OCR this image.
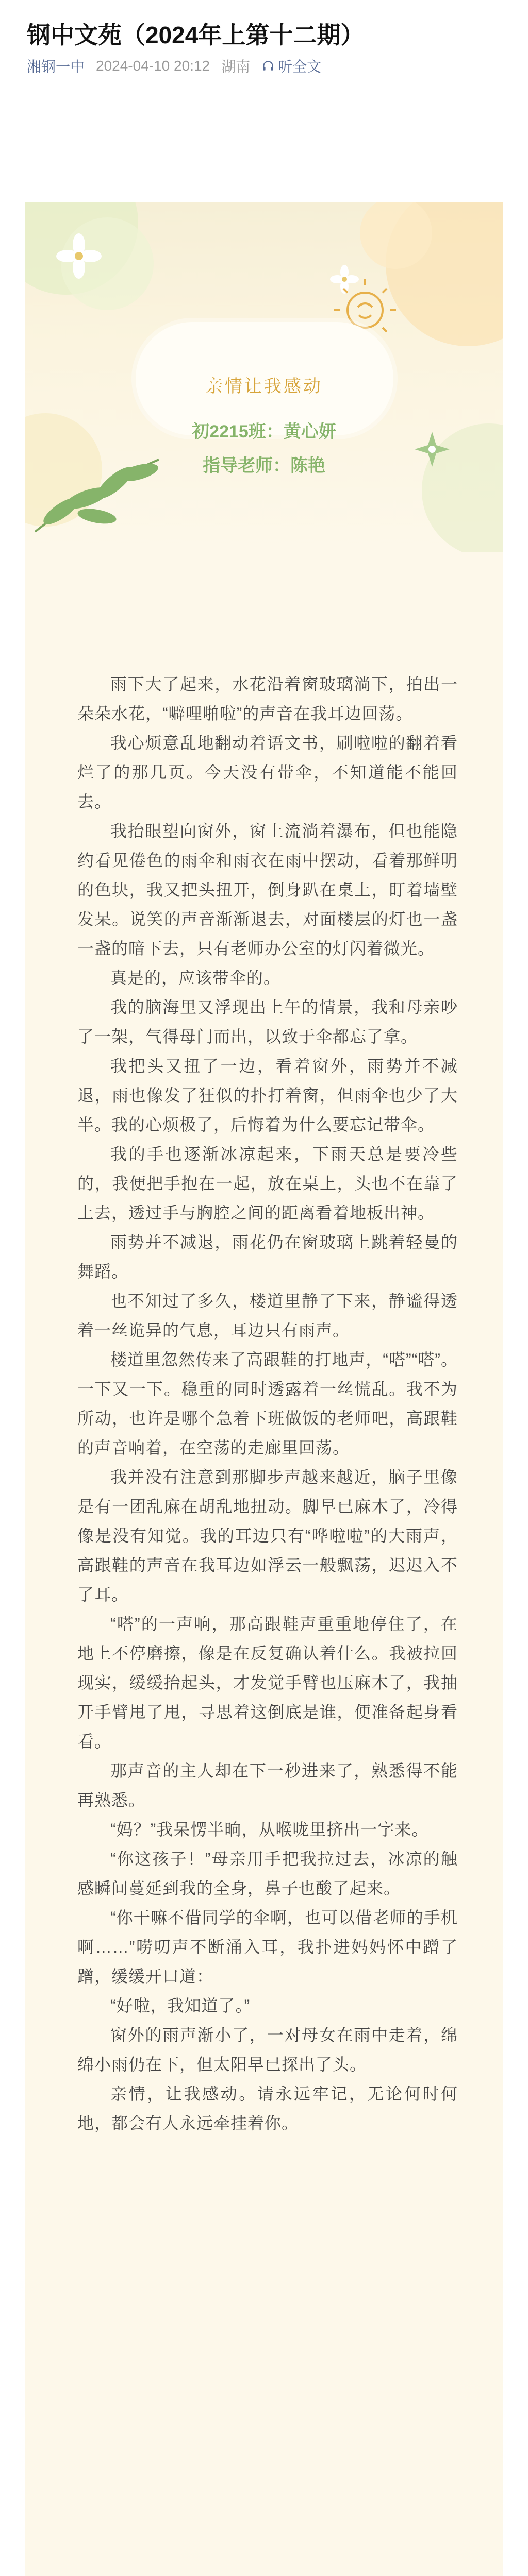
钢中文苑（2024年上第十二期）
湘钢一中 2024-04-10 20:12 湖南 听全文
亲情让我感动
初2215班：黄心妍
指导老师：陈艳

雨下大了起来，水花沿着窗玻璃淌下，拍出一朵朵水花，“噼哩啪啦”的声音在我耳边回荡。

我心烦意乱地翻动着语文书，刷啦啦的翻着看烂了的那几页。今天没有带伞，不知道能不能回去。

我抬眼望向窗外，窗上流淌着瀑布，但也能隐约看见倦色的雨伞和雨衣在雨中摆动，看着那鲜明的色块，我又把头扭开，倒身趴在桌上，盯着墙壁发呆。说笑的声音渐渐退去，对面楼层的灯也一盏一盏的暗下去，只有老师办公室的灯闪着微光。

真是的，应该带伞的。

我的脑海里又浮现出上午的情景，我和母亲吵了一架，气得母门而出，以致于伞都忘了拿。

我把头又扭了一边，看着窗外，雨势并不减退，雨也像发了狂似的扑打着窗，但雨伞也少了大半。我的心烦极了，后悔着为什么要忘记带伞。

我的手也逐渐冰凉起来，下雨天总是要冷些的，我便把手抱在一起，放在桌上，头也不在靠了上去，透过手与胸腔之间的距离看着地板出神。

雨势并不减退，雨花仍在窗玻璃上跳着轻曼的舞蹈。

也不知过了多久，楼道里静了下来，静谧得透着一丝诡异的气息，耳边只有雨声。

楼道里忽然传来了高跟鞋的打地声，“嗒”“嗒”。一下又一下。稳重的同时透露着一丝慌乱。我不为所动，也许是哪个急着下班做饭的老师吧，高跟鞋的声音响着，在空荡的走廊里回荡。

我并没有注意到那脚步声越来越近，脑子里像是有一团乱麻在胡乱地扭动。脚早已麻木了，冷得像是没有知觉。我的耳边只有“哗啦啦”的大雨声，高跟鞋的声音在我耳边如浮云一般飘荡，迟迟入不了耳。

“嗒”的一声响，那高跟鞋声重重地停住了，在地上不停磨擦，像是在反复确认着什么。我被拉回现实，缓缓抬起头，才发觉手臂也压麻木了，我抽开手臂甩了甩，寻思着这倒底是谁，便准备起身看看。

那声音的主人却在下一秒进来了，熟悉得不能再熟悉。

“妈？”我呆愣半晌，从喉咙里挤出一字来。

“你这孩子！”母亲用手把我拉过去，冰凉的触感瞬间蔓延到我的全身，鼻子也酸了起来。

“你干嘛不借同学的伞啊，也可以借老师的手机啊……”唠叨声不断涌入耳，我扑进妈妈怀中蹭了蹭，缓缓开口道：

“好啦，我知道了。”

窗外的雨声渐小了，一对母女在雨中走着，绵绵小雨仍在下，但太阳早已探出了头。

亲情，让我感动。请永远牢记，无论何时何地，都会有人永远牵挂着你。
